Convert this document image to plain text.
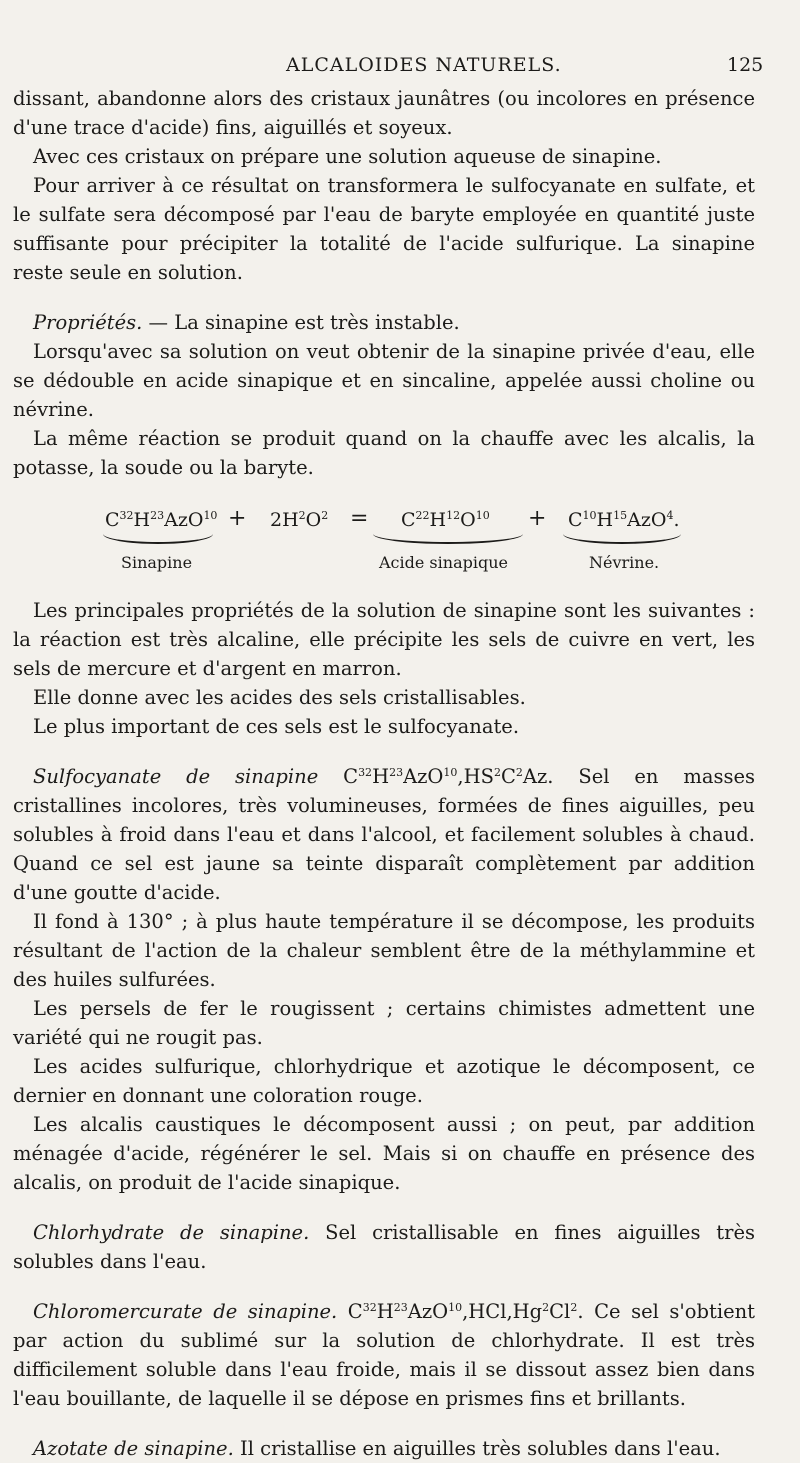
ALCALOIDES NATURELS.	125

dissant, abandonne alors des cristaux jaunâtres (ou incolores en présence d'une trace d'acide) fins, aiguillés et soyeux.

Avec ces cristaux on prépare une solution aqueuse de sinapine.

Pour arriver à ce résultat on transformera le sulfocyanate en sulfate, et le sulfate sera décomposé par l'eau de baryte employée en quantité juste suffisante pour précipiter la totalité de l'acide sulfurique. La sinapine reste seule en solution.

Propriétés. — La sinapine est très instable.

Lorsqu'avec sa solution on veut obtenir de la sinapine privée d'eau, elle se dédouble en acide sinapique et en sincaline, appelée aussi choline ou névrine.

La même réaction se produit quand on la chauffe avec les alcalis, la potasse, la soude ou la baryte.

$C^{32}H^{23}AzO^{10} + 2H^2O^2 = C^{22}H^{12}O^{10} + C^{10}H^{15}AzO^4$.
Sinapine	Acide sinapique	Névrine.

Les principales propriétés de la solution de sinapine sont les suivantes : la réaction est très alcaline, elle précipite les sels de cuivre en vert, les sels de mercure et d'argent en marron.

Elle donne avec les acides des sels cristallisables.

Le plus important de ces sels est le sulfocyanate.

Sulfocyanate de sinapine $C^{32}H^{23}AzO^{10},HS^2C^2Az$. Sel en masses cristallines incolores, très volumineuses, formées de fines aiguilles, peu solubles à froid dans l'eau et dans l'alcool, et facilement solubles à chaud. Quand ce sel est jaune sa teinte disparaît complètement par addition d'une goutte d'acide.

Il fond à 130° ; à plus haute température il se décompose, les produits résultant de l'action de la chaleur semblent être de la méthylammine et des huiles sulfurées.

Les persels de fer le rougissent ; certains chimistes admettent une variété qui ne rougit pas.

Les acides sulfurique, chlorhydrique et azotique le décomposent, ce dernier en donnant une coloration rouge.

Les alcalis caustiques le décomposent aussi ; on peut, par addition ménagée d'acide, régénérer le sel. Mais si on chauffe en présence des alcalis, on produit de l'acide sinapique.

Chlorhydrate de sinapine. Sel cristallisable en fines aiguilles très solubles dans l'eau.

Chloromercurate de sinapine. $C^{32}H^{23}AzO^{10},HCl,Hg^2Cl^2$. Ce sel s'obtient par action du sublimé sur la solution de chlorhydrate. Il est très difficilement soluble dans l'eau froide, mais il se dissout assez bien dans l'eau bouillante, de laquelle il se dépose en prismes fins et brillants.

Azotate de sinapine. Il cristallise en aiguilles très solubles dans l'eau.
